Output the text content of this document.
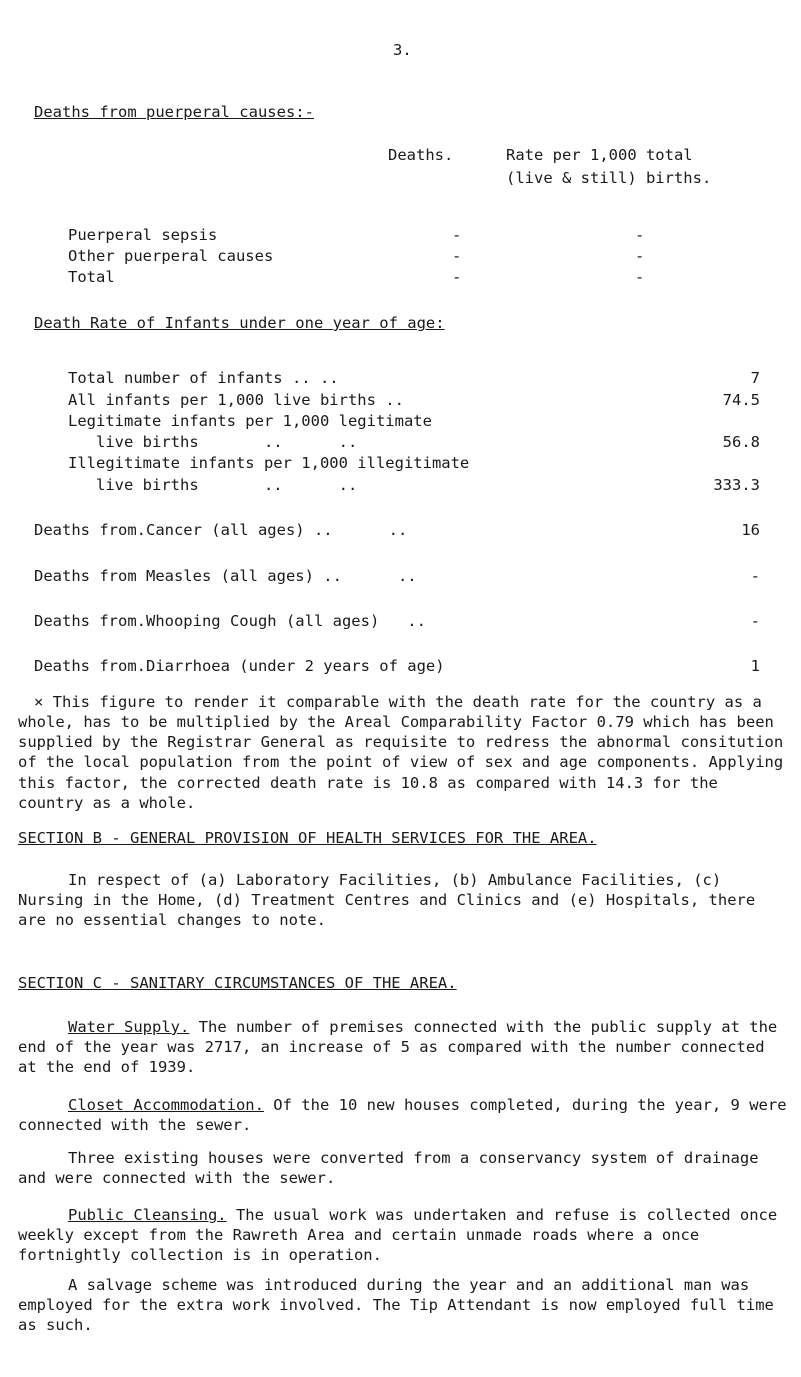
3.
Deaths from puerperal causes:-
Deaths.	Rate per 1,000 total
(live & still) births.
Puerperal sepsis	-	-
Other puerperal causes	-	-
Total	-	-
Death Rate of Infants under one year of age:
Total number of infants .. ..	7
All infants per 1,000 live births ..	74.5
Legitimate infants per 1,000 legitimate
live births       ..      ..	56.8
Illegitimate infants per 1,000 illegitimate
live births       ..      ..	333.3
Deaths from.Cancer (all ages) ..      ..	16
Deaths from Measles (all ages) ..      ..	-
Deaths from.Whooping Cough (all ages)   ..	-
Deaths from.Diarrhoea (under 2 years of age)	1
⨯ This figure to render it comparable with the death rate for the country as a whole, has to be multiplied by the Areal Comparability Factor 0.79 which has been supplied by the Registrar General as requisite to redress the abnormal consitution of the local population from the point of view of sex and age components. Applying this factor, the corrected death rate is 10.8 as compared with 14.3 for the country as a whole.
SECTION B - GENERAL PROVISION OF HEALTH SERVICES FOR THE AREA.
In respect of (a) Laboratory Facilities, (b) Ambulance Facilities, (c) Nursing in the Home, (d) Treatment Centres and Clinics and (e) Hospitals, there are no essential changes to note.
SECTION C - SANITARY CIRCUMSTANCES OF THE AREA.
Water Supply. The number of premises connected with the public supply at the end of the year was 2717, an increase of 5 as compared with the number connected at the end of 1939.
Closet Accommodation. Of the 10 new houses completed, during the year, 9 were connected with the sewer.
Three existing houses were converted from a conservancy system of drainage and were connected with the sewer.
Public Cleansing. The usual work was undertaken and refuse is collected once weekly except from the Rawreth Area and certain unmade roads where a once fortnightly collection is in operation.
A salvage scheme was introduced during the year and an additional man was employed for the extra work involved. The Tip Attendant is now employed full time as such.
